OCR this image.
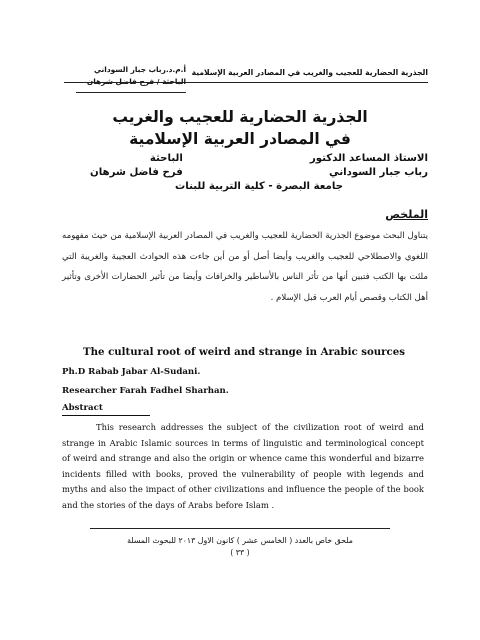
الجذرية الحضارية للعجيب والغريب في المصادر العربية الإسلامية
أ.م.د.رباب جبار السوداني
الباحثة / فرح فاضل شرهان
الجذرية الحضارية للعجيب والغريب
في المصادر العربية الإسلامية
الاستاذ المساعد الدكتور
رباب جبار السوداني
الباحثة
فرح فاضل شرهان
جامعة البصرة - كلية التربية للبنات
الملخص
يتناول البحث موضوع الجذرية الحضارية للعجيب والغريب في المصادر العربية الإسلامية من حيث مفهومه اللغوي والاصطلاحي للعجيب والغريب وأيضا أصل أو من أين جاءت هذه الحوادث العجيبة والغريبة التي ملئت بها الكتب فتبين أنها من تأثر الناس بالأساطير والخرافات وأيضا من تأثير الحضارات الأخرى وتأثير أهل الكتاب وقصص أيام العرب قبل الإسلام .
The cultural root of weird and strange in Arabic sources
Ph.D Rabab Jabar Al-Sudani.
Researcher Farah Fadhel Sharhan.
Abstract
This research addresses the subject of the civilization root of weird and strange in Arabic Islamic sources in terms of linguistic and terminological concept of weird and strange and also the origin or whence came this wonderful and bizarre incidents filled with books, proved the vulnerability of people with legends and myths and also the impact of other civilizations and influence the people of the book and the stories of the days of Arabs before Islam .
ملحق خاص بالعدد ( الخامس عشر ) كانون الاول ٢٠١٣ للبحوث المسلة
( ٣٣ )
